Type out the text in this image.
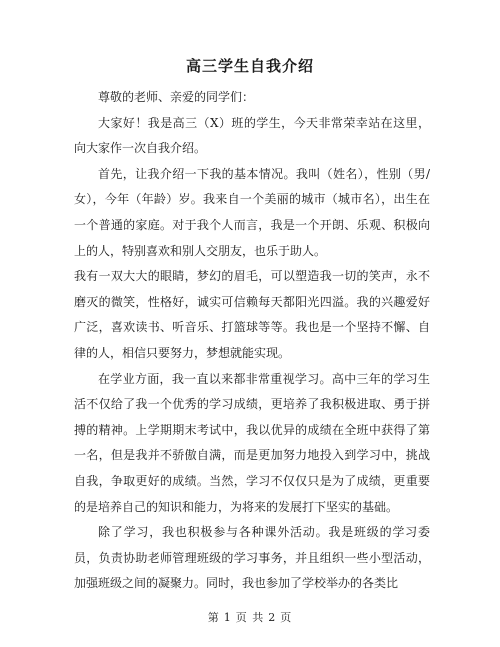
高三学生自我介绍

尊敬的老师、亲爱的同学们：

大家好！我是高三（X）班的学生，今天非常荣幸站在这里，向大家作一次自我介绍。

首先，让我介绍一下我的基本情况。我叫（姓名），性别（男/女），今年（年龄）岁。我来自一个美丽的城市（城市名），出生在一个普通的家庭。对于我个人而言，我是一个开朗、乐观、积极向上的人，特别喜欢和别人交朋友，也乐于助人。

我有一双大大的眼睛，梦幻的眉毛，可以塑造我一切的笑声，永不磨灭的微笑，性格好，诚实可信赖每天都阳光四溢。我的兴趣爱好广泛，喜欢读书、听音乐、打篮球等等。我也是一个坚持不懈、自律的人，相信只要努力，梦想就能实现。

在学业方面，我一直以来都非常重视学习。高中三年的学习生活不仅给了我一个优秀的学习成绩，更培养了我积极进取、勇于拼搏的精神。上学期期末考试中，我以优异的成绩在全班中获得了第一名，但是我并不骄傲自满，而是更加努力地投入到学习中，挑战自我，争取更好的成绩。当然，学习不仅仅只是为了成绩，更重要的是培养自己的知识和能力，为将来的发展打下坚实的基础。

除了学习，我也积极参与各种课外活动。我是班级的学习委员，负责协助老师管理班级的学习事务，并且组织一些小型活动，加强班级之间的凝聚力。同时，我也参加了学校举办的各类比

第 1 页 共 2 页
